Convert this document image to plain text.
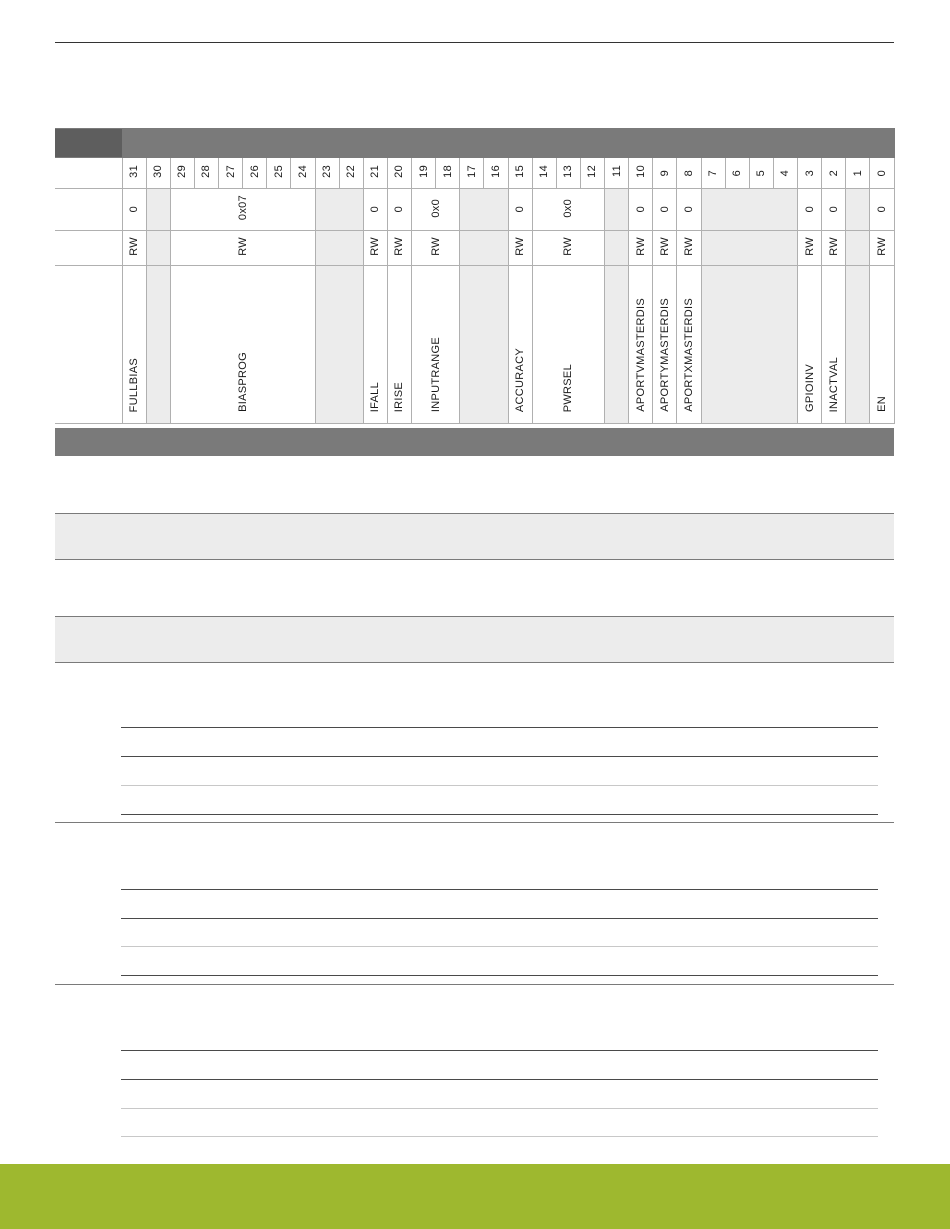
	31	30	29	28	27	26	25	24	23	22	21	20	19	18	17	16	15	14	13	12	11	10	9	8	7	6	5	4	3	2	1	0
	0		0x07								0	0	0x0				0	0x0				0	0	0					0	0		0
	RW		RW								RW	RW	RW				RW	RW				RW	RW	RW					RW	RW		RW
	FULLBIAS		BIASPROG								IFALL	IRISE	INPUTRANGE				ACCURACY	PWRSEL				APORTVMASTERDIS	APORTYMASTERDIS	APORTXMASTERDIS					GPIOINV	INACTVAL		EN
